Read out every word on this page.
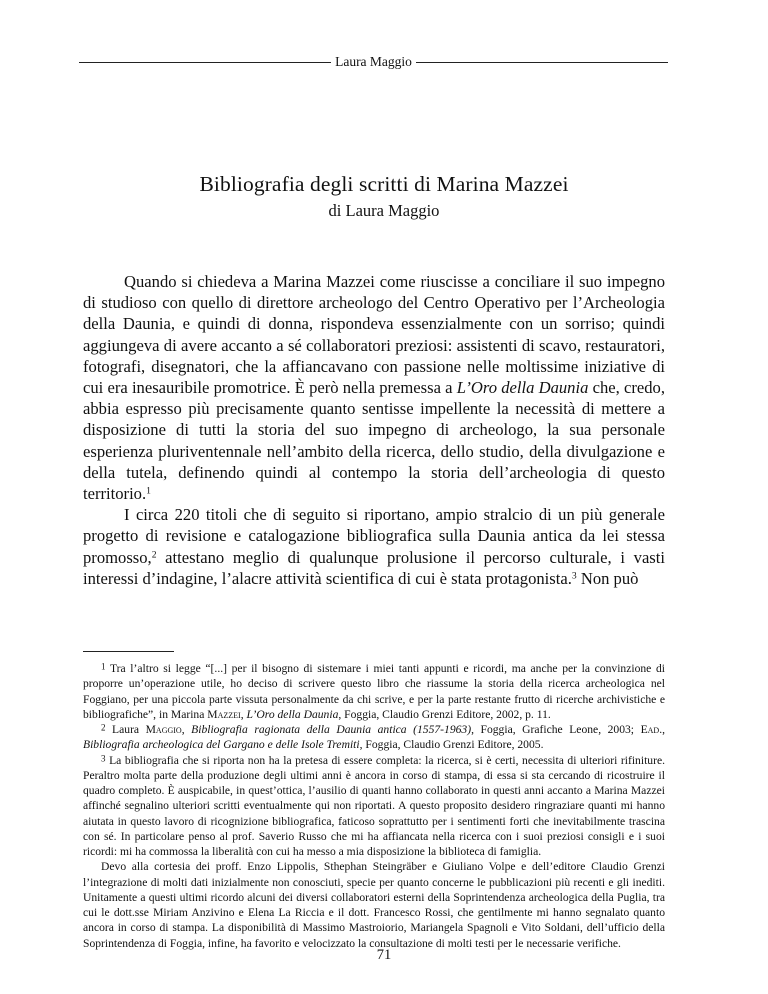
Laura Maggio
Bibliografia degli scritti di Marina Mazzei
di Laura Maggio

Quando si chiedeva a Marina Mazzei come riuscisse a conciliare il suo impegno di studioso con quello di direttore archeologo del Centro Operativo per l’Archeologia della Daunia, e quindi di donna, rispondeva essenzialmente con un sorriso; quindi aggiungeva di avere accanto a sé collaboratori preziosi: assistenti di scavo, restauratori, fotografi, disegnatori, che la affiancavano con passione nelle moltissime iniziative di cui era inesauribile promotrice. È però nella premessa a L’Oro della Daunia che, credo, abbia espresso più precisamente quanto sentisse impellente la necessità di mettere a disposizione di tutti la storia del suo impegno di archeologo, la sua personale esperienza pluriventennale nell’ambito della ricerca, dello studio, della divulgazione e della tutela, definendo quindi al contempo la storia dell’archeologia di questo territorio.$^1$

I circa 220 titoli che di seguito si riportano, ampio stralcio di un più generale progetto di revisione e catalogazione bibliografica sulla Daunia antica da lei stessa promosso,$^2$ attestano meglio di qualunque prolusione il percorso culturale, i vasti interessi d’indagine, l’alacre attività scientifica di cui è stata protagonista.$^3$ Non può

$^1$ Tra l’altro si legge “[...] per il bisogno di sistemare i miei tanti appunti e ricordi, ma anche per la convinzione di proporre un’operazione utile, ho deciso di scrivere questo libro che riassume la storia della ricerca archeologica nel Foggiano, per una piccola parte vissuta personalmente da chi scrive, e per la parte restante frutto di ricerche archivistiche e bibliografiche”, in Marina Mazzei, L’Oro della Daunia, Foggia, Claudio Grenzi Editore, 2002, p. 11.

$^2$ Laura Maggio, Bibliografia ragionata della Daunia antica (1557-1963), Foggia, Grafiche Leone, 2003; Ead., Bibliografia archeologica del Gargano e delle Isole Tremiti, Foggia, Claudio Grenzi Editore, 2005.

$^3$ La bibliografia che si riporta non ha la pretesa di essere completa: la ricerca, si è certi, necessita di ulteriori rifiniture. Peraltro molta parte della produzione degli ultimi anni è ancora in corso di stampa, di essa si sta cercando di ricostruire il quadro completo. È auspicabile, in quest’ottica, l’ausilio di quanti hanno collaborato in questi anni accanto a Marina Mazzei affinché segnalino ulteriori scritti eventualmente qui non riportati. A questo proposito desidero ringraziare quanti mi hanno aiutata in questo lavoro di ricognizione bibliografica, faticoso soprattutto per i sentimenti forti che inevitabilmente trascina con sé. In particolare penso al prof. Saverio Russo che mi ha affiancata nella ricerca con i suoi preziosi consigli e i suoi ricordi: mi ha commossa la liberalità con cui ha messo a mia disposizione la biblioteca di famiglia.

Devo alla cortesia dei proff. Enzo Lippolis, Sthephan Steingräber e Giuliano Volpe e dell’editore Claudio Grenzi l’integrazione di molti dati inizialmente non conosciuti, specie per quanto concerne le pubblicazioni più recenti e gli inediti. Unitamente a questi ultimi ricordo alcuni dei diversi collaboratori esterni della Soprintendenza archeologica della Puglia, tra cui le dott.sse Miriam Anzivino e Elena La Riccia e il dott. Francesco Rossi, che gentilmente mi hanno segnalato quanto ancora in corso di stampa. La disponibilità di Massimo Mastroiorio, Mariangela Spagnoli e Vito Soldani, dell’ufficio della Soprintendenza di Foggia, infine, ha favorito e velocizzato la consultazione di molti testi per le necessarie verifiche.

71
